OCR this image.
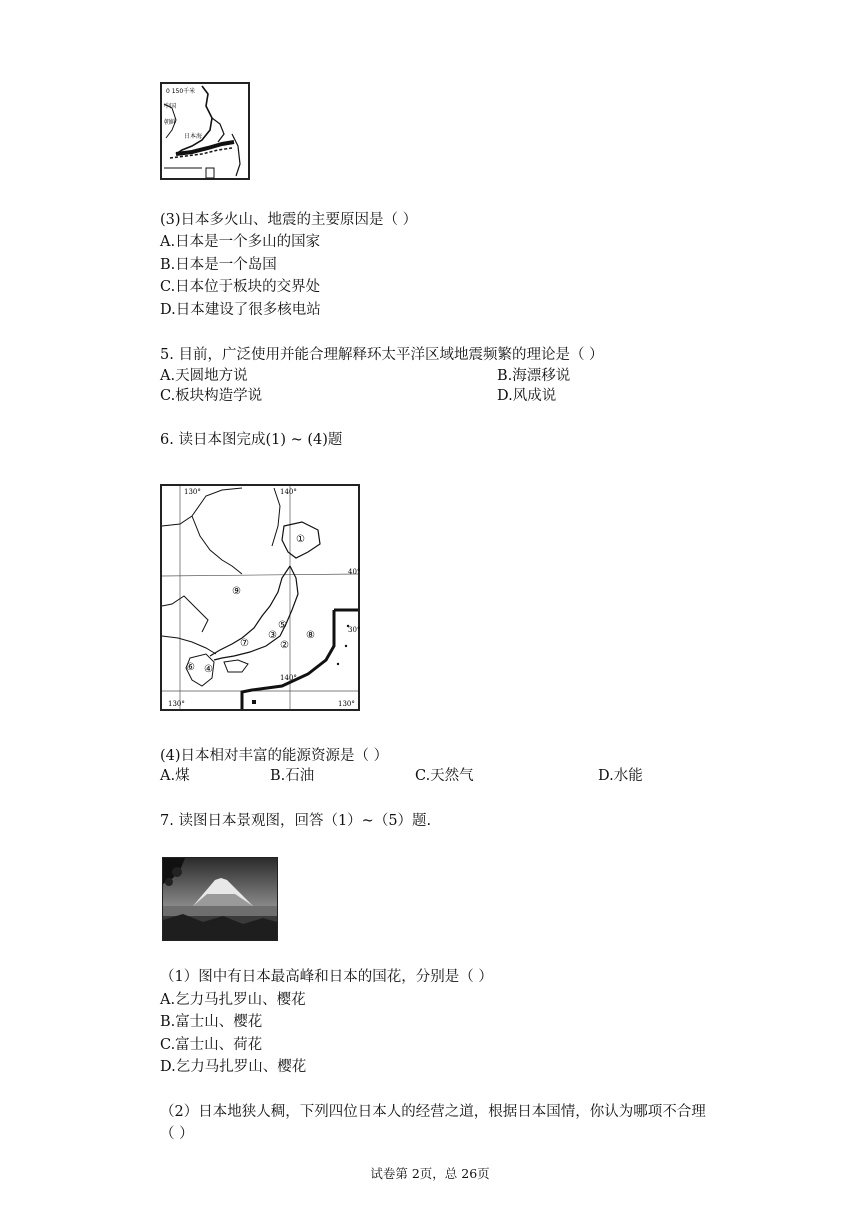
0 150千米
中国
朝鲜
日本海
(3)日本多火山、地震的主要原因是（ ）
A.日本是一个多山的国家
B.日本是一个岛国
C.日本位于板块的交界处
D.日本建设了很多核电站
5. 目前，广泛使用并能合理解释环太平洋区域地震频繁的理论是（ ）
A.天圆地方说	B.海漂移说
C.板块构造学说	D.风成说
6. 读日本图完成(1) ~ (4)题
130°	140°
140°
130°	130°
40°
30°
①
②
③
④
⑤
⑥
⑦
⑧
⑨
(4)日本相对丰富的能源资源是（ ）
A.煤	B.石油	C.天然气	D.水能
7. 读图日本景观图，回答（1）~（5）题.
（1）图中有日本最高峰和日本的国花，分别是（ ）
A.乞力马扎罗山、樱花
B.富士山、樱花
C.富士山、荷花
D.乞力马扎罗山、樱花
（2）日本地狭人稠，下列四位日本人的经营之道，根据日本国情，你认为哪项不合理
（ ）
试卷第 2页，总 26页
